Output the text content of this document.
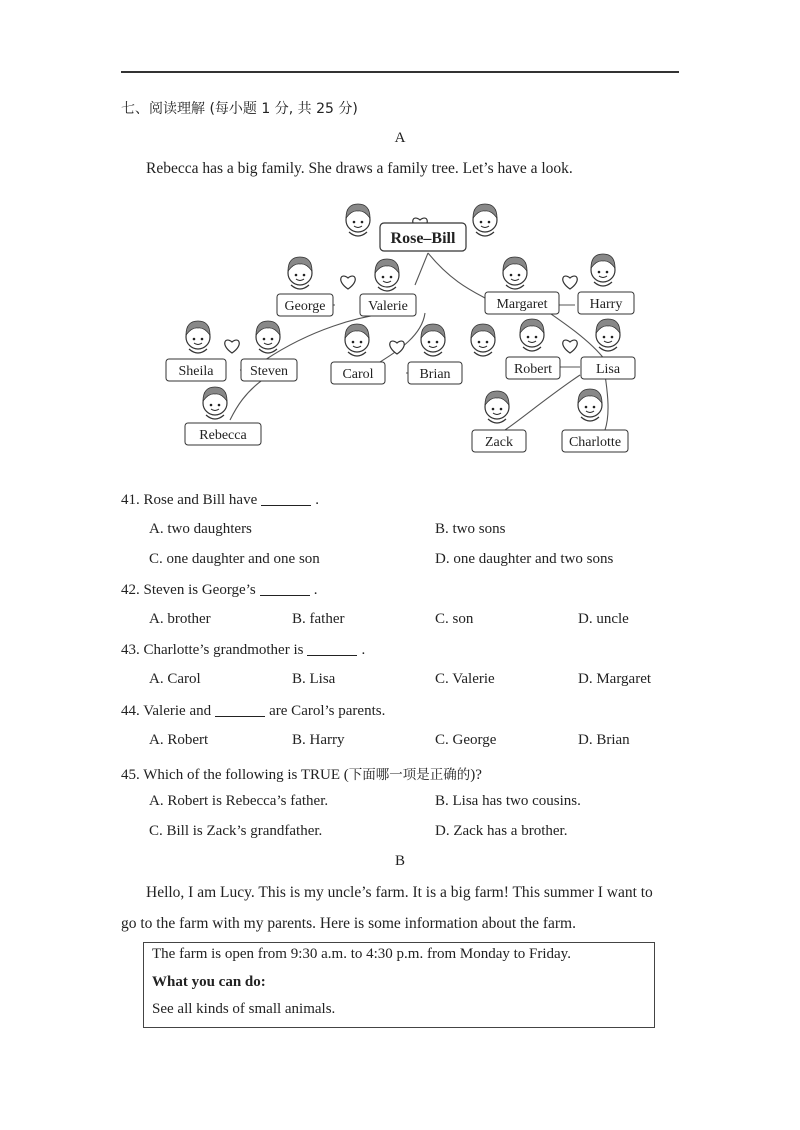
七、阅读理解 (每小题 1 分, 共 25 分)
A
Rebecca has a big family. She draws a family tree. Let’s have a look.
Rose–Bill
George	Valerie	Margaret	Harry
Sheila	Steven	Carol	Brian	Robert	Lisa
Rebecca	Zack	Charlotte
41. Rose and Bill have	.
A. two daughters	B. two sons
C. one daughter and one son	D. one daughter and two sons
42. Steven is George’s	.
A. brother	B. father	C. son	D. uncle
43. Charlotte’s grandmother is	.
A. Carol	B. Lisa	C. Valerie	D. Margaret
44. Valerie and	are Carol’s parents.
A. Robert	B. Harry	C. George	D. Brian
45. Which of the following is TRUE (下面哪一项是正确的)?
A. Robert is Rebecca’s father.	B. Lisa has two cousins.
C. Bill is Zack’s grandfather.	D. Zack has a brother.
B
Hello, I am Lucy. This is my uncle’s farm. It is a big farm! This summer I want to
go to the farm with my parents. Here is some information about the farm.
The farm is open from 9:30 a.m. to 4:30 p.m. from Monday to Friday.
What you can do:
See all kinds of small animals.
